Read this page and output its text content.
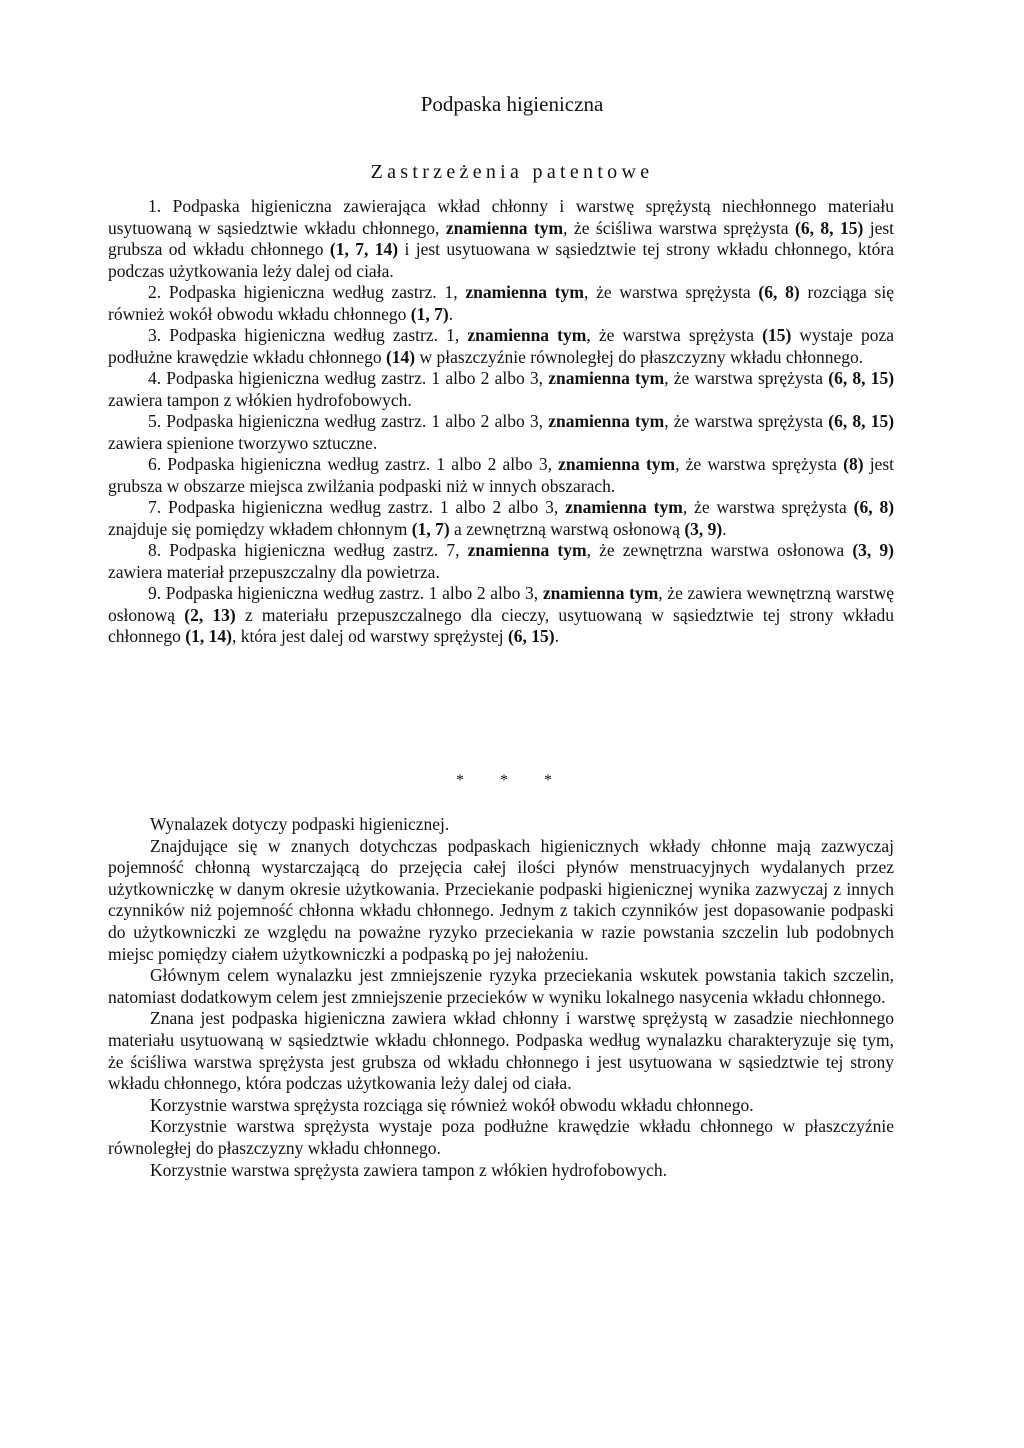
Podpaska higieniczna
Zastrzeżenia patentowe

1. Podpaska higieniczna zawierająca wkład chłonny i warstwę sprężystą niechłonnego materiału usytuowaną w sąsiedztwie wkładu chłonnego, znamienna tym, że ściśliwa warstwa sprężysta (6, 8, 15) jest grubsza od wkładu chłonnego (1, 7, 14) i jest usytuowana w sąsiedztwie tej strony wkładu chłonnego, która podczas użytkowania leży dalej od ciała.

2. Podpaska higieniczna według zastrz. 1, znamienna tym, że warstwa sprężysta (6, 8) rozciąga się również wokół obwodu wkładu chłonnego (1, 7).

3. Podpaska higieniczna według zastrz. 1, znamienna tym, że warstwa sprężysta (15) wystaje poza podłużne krawędzie wkładu chłonnego (14) w płaszczyźnie równoległej do płaszczyzny wkładu chłonnego.

4. Podpaska higieniczna według zastrz. 1 albo 2 albo 3, znamienna tym, że warstwa sprężysta (6, 8, 15) zawiera tampon z włókien hydrofobowych.

5. Podpaska higieniczna według zastrz. 1 albo 2 albo 3, znamienna tym, że warstwa sprężysta (6, 8, 15) zawiera spienione tworzywo sztuczne.

6. Podpaska higieniczna według zastrz. 1 albo 2 albo 3, znamienna tym, że warstwa sprężysta (8) jest grubsza w obszarze miejsca zwilżania podpaski niż w innych obszarach.

7. Podpaska higieniczna według zastrz. 1 albo 2 albo 3, znamienna tym, że warstwa sprężysta (6, 8) znajduje się pomiędzy wkładem chłonnym (1, 7) a zewnętrzną warstwą osłonową (3, 9).

8. Podpaska higieniczna według zastrz. 7, znamienna tym, że zewnętrzna warstwa osłonowa (3, 9) zawiera materiał przepuszczalny dla powietrza.

9. Podpaska higieniczna według zastrz. 1 albo 2 albo 3, znamienna tym, że zawiera wewnętrzną warstwę osłonową (2, 13) z materiału przepuszczalnego dla cieczy, usytuowaną w sąsiedztwie tej strony wkładu chłonnego (1, 14), która jest dalej od warstwy sprężystej (6, 15).

* * *

Wynalazek dotyczy podpaski higienicznej.

Znajdujące się w znanych dotychczas podpaskach higienicznych wkłady chłonne mają zazwyczaj pojemność chłonną wystarczającą do przejęcia całej ilości płynów menstruacyjnych wydalanych przez użytkowniczkę w danym okresie użytkowania. Przeciekanie podpaski higienicznej wynika zazwyczaj z innych czynników niż pojemność chłonna wkładu chłonnego. Jednym z takich czynników jest dopasowanie podpaski do użytkowniczki ze względu na poważne ryzyko przeciekania w razie powstania szczelin lub podobnych miejsc pomiędzy ciałem użytkowniczki a podpaską po jej nałożeniu.

Głównym celem wynalazku jest zmniejszenie ryzyka przeciekania wskutek powstania takich szczelin, natomiast dodatkowym celem jest zmniejszenie przecieków w wyniku lokalnego nasycenia wkładu chłonnego.

Znana jest podpaska higieniczna zawiera wkład chłonny i warstwę sprężystą w zasadzie niechłonnego materiału usytuowaną w sąsiedztwie wkładu chłonnego. Podpaska według wynalazku charakteryzuje się tym, że ściśliwa warstwa sprężysta jest grubsza od wkładu chłonnego i jest usytuowana w sąsiedztwie tej strony wkładu chłonnego, która podczas użytkowania leży dalej od ciała.

Korzystnie warstwa sprężysta rozciąga się również wokół obwodu wkładu chłonnego.

Korzystnie warstwa sprężysta wystaje poza podłużne krawędzie wkładu chłonnego w płaszczyźnie równoległej do płaszczyzny wkładu chłonnego.

Korzystnie warstwa sprężysta zawiera tampon z włókien hydrofobowych.
